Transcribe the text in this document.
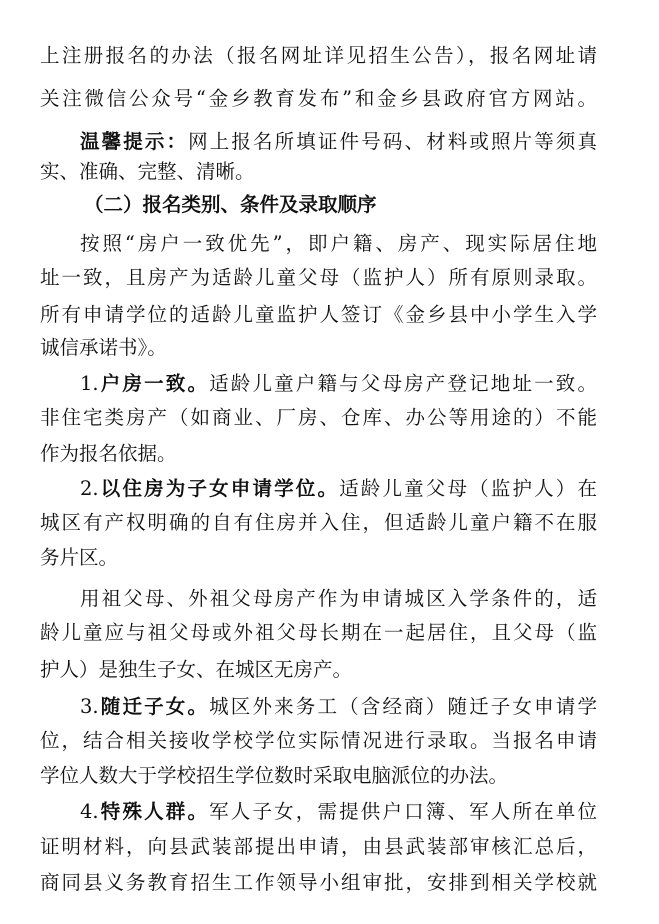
上注册报名的办法（报名网址详见招生公告），报名网址请
关注微信公众号“金乡教育发布”和金乡县政府官方网站。
温馨提示：网上报名所填证件号码、材料或照片等须真
实、准确、完整、清晰。
（二）报名类别、条件及录取顺序
按照“房户一致优先”，即户籍、房产、现实际居住地
址一致，且房产为适龄儿童父母（监护人）所有原则录取。
所有申请学位的适龄儿童监护人签订《金乡县中小学生入学
诚信承诺书》。
1.户房一致。适龄儿童户籍与父母房产登记地址一致。
非住宅类房产（如商业、厂房、仓库、办公等用途的）不能
作为报名依据。
2.以住房为子女申请学位。适龄儿童父母（监护人）在
城区有产权明确的自有住房并入住，但适龄儿童户籍不在服
务片区。
用祖父母、外祖父母房产作为申请城区入学条件的，适
龄儿童应与祖父母或外祖父母长期在一起居住，且父母（监
护人）是独生子女、在城区无房产。
3.随迁子女。城区外来务工（含经商）随迁子女申请学
位，结合相关接收学校学位实际情况进行录取。当报名申请
学位人数大于学校招生学位数时采取电脑派位的办法。
4.特殊人群。军人子女，需提供户口簿、军人所在单位
证明材料，向县武装部提出申请，由县武装部审核汇总后，
商同县义务教育招生工作领导小组审批，安排到相关学校就
